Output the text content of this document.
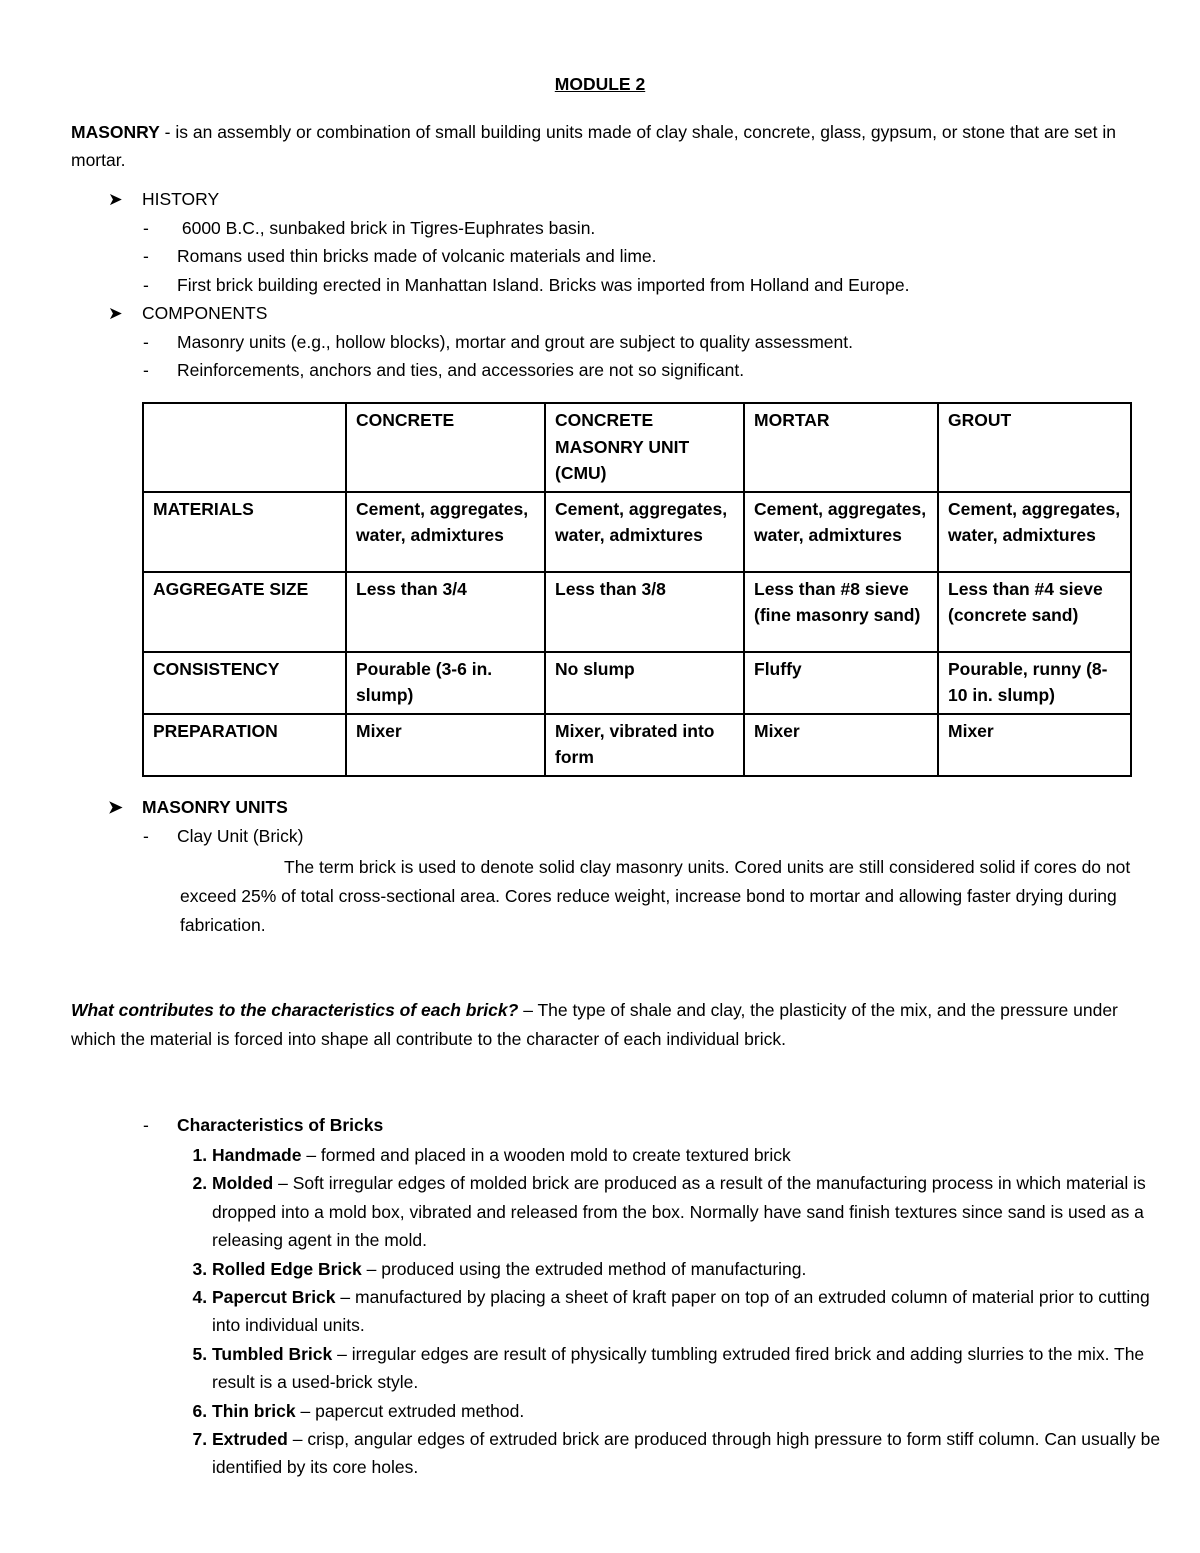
MODULE 2
MASONRY - is an assembly or combination of small building units made of clay shale, concrete, glass, gypsum, or stone that are set in mortar.
➤ HISTORY
- 6000 B.C., sunbaked brick in Tigres-Euphrates basin.
- Romans used thin bricks made of volcanic materials and lime.
- First brick building erected in Manhattan Island. Bricks was imported from Holland and Europe.
➤ COMPONENTS
- Masonry units (e.g., hollow blocks), mortar and grout are subject to quality assessment.
- Reinforcements, anchors and ties, and accessories are not so significant.
	CONCRETE	CONCRETE MASONRY UNIT (CMU)	MORTAR	GROUT
MATERIALS	Cement, aggregates, water, admixtures	Cement, aggregates, water, admixtures	Cement, aggregates, water, admixtures	Cement, aggregates, water, admixtures
AGGREGATE SIZE	Less than 3/4	Less than 3/8	Less than #8 sieve (fine masonry sand)	Less than #4 sieve (concrete sand)
CONSISTENCY	Pourable (3-6 in. slump)	No slump	Fluffy	Pourable, runny (8-10 in. slump)
PREPARATION	Mixer	Mixer, vibrated into form	Mixer	Mixer
➤ MASONRY UNITS
- Clay Unit (Brick)
The term brick is used to denote solid clay masonry units. Cored units are still considered solid if cores do not exceed 25% of total cross-sectional area. Cores reduce weight, increase bond to mortar and allowing faster drying during fabrication.
What contributes to the characteristics of each brick? – The type of shale and clay, the plasticity of the mix, and the pressure under which the material is forced into shape all contribute to the character of each individual brick.
- Characteristics of Bricks
1. Handmade – formed and placed in a wooden mold to create textured brick
2. Molded – Soft irregular edges of molded brick are produced as a result of the manufacturing process in which material is dropped into a mold box, vibrated and released from the box. Normally have sand finish textures since sand is used as a releasing agent in the mold.
3. Rolled Edge Brick – produced using the extruded method of manufacturing.
4. Papercut Brick – manufactured by placing a sheet of kraft paper on top of an extruded column of material prior to cutting into individual units.
5. Tumbled Brick – irregular edges are result of physically tumbling extruded fired brick and adding slurries to the mix. The result is a used-brick style.
6. Thin brick – papercut extruded method.
7. Extruded – crisp, angular edges of extruded brick are produced through high pressure to form stiff column. Can usually be identified by its core holes.
